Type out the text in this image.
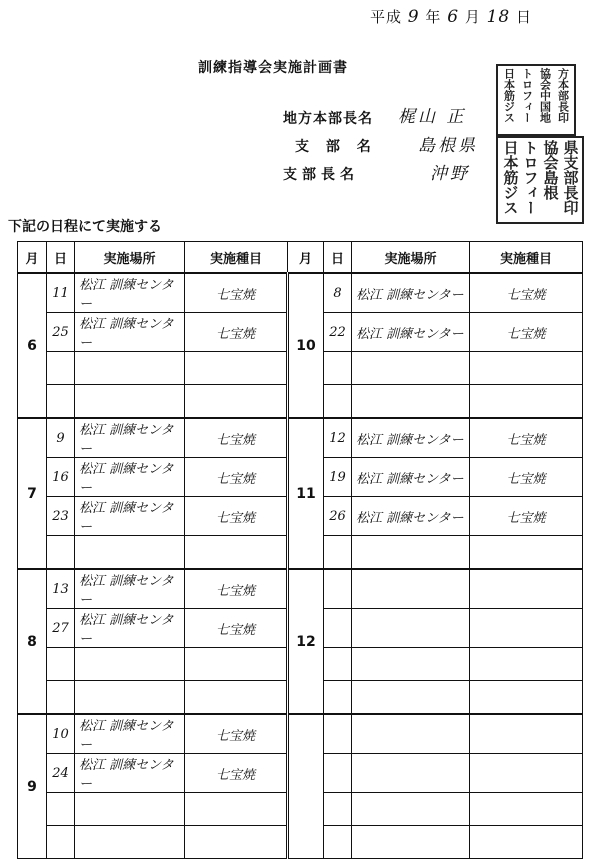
平成 9 年 6 月 18 日
訓練指導会実施計画書
地方本部長名 梶山 正
支 部 名 島根県
支部長名	沖野
方本部長印
協会中国地
トロフィー
日本筋ジス
県支部長印
協会島根
トロフィー
日本筋ジス
下記の日程にて実施する
月	日	実施場所	実施種目	月	日	実施場所	実施種目
6	11	松江 訓練センター	七宝焼	10	8	松江 訓練センター	七宝焼
	25	松江 訓練センター	七宝焼		22	松江 訓練センター	七宝焼

7	9	松江 訓練センター	七宝焼	11	12	松江 訓練センター	七宝焼
	16	松江 訓練センター	七宝焼		19	松江 訓練センター	七宝焼
	23	松江 訓練センター	七宝焼		26	松江 訓練センター	七宝焼

8	13	松江 訓練センター	七宝焼	12			
	27	松江 訓練センター	七宝焼				

9	10	松江 訓練センター	七宝焼				
	24	松江 訓練センター	七宝焼				
